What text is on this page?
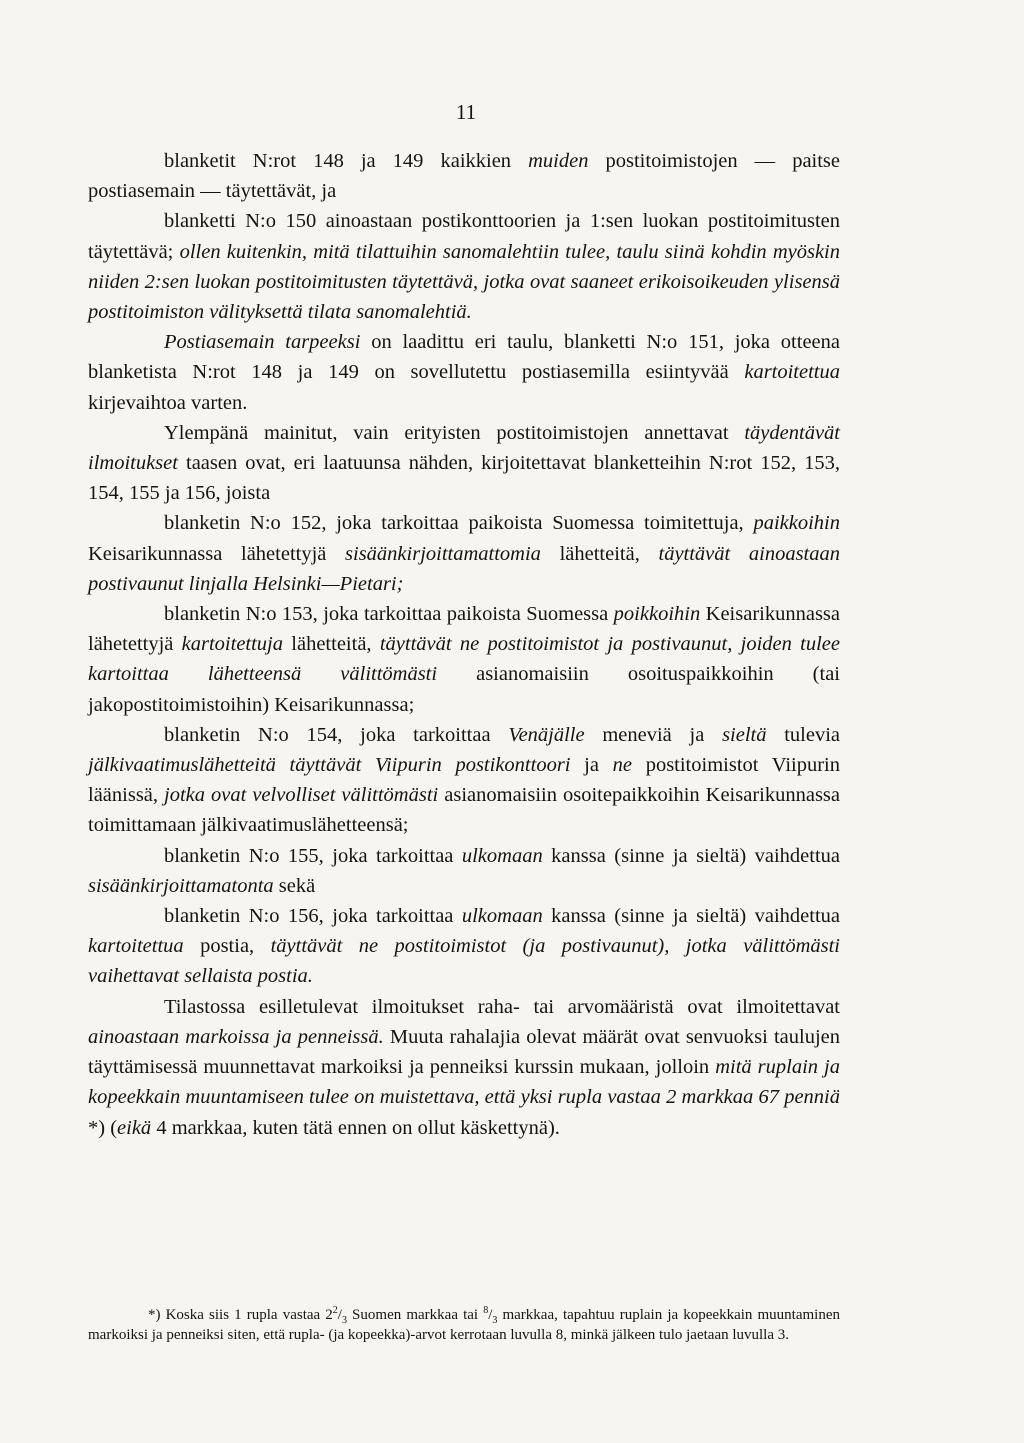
11

blanketit N:rot 148 ja 149 kaikkien muiden postitoimistojen — paitse postiasemain — täytettävät, ja

blanketti N:o 150 ainoastaan postikonttoorien ja 1:sen luokan postitoimitusten täytettävä; ollen kuitenkin, mitä tilattuihin sanomalehtiin tulee, taulu siinä kohdin myöskin niiden 2:sen luokan postitoimitusten täytettävä, jotka ovat saaneet erikoisoikeuden ylisensä postitoimiston välityksettä tilata sanomalehtiä.

Postiasemain tarpeeksi on laadittu eri taulu, blanketti N:o 151, joka otteena blanketista N:rot 148 ja 149 on sovellutettu postiasemilla esiintyvää kartoitettua kirjevaihtoa varten.

Ylempänä mainitut, vain erityisten postitoimistojen annettavat täydentävät ilmoitukset taasen ovat, eri laatuunsa nähden, kirjoitettavat blanketteihin N:rot 152, 153, 154, 155 ja 156, joista

blanketin N:o 152, joka tarkoittaa paikoista Suomessa toimitettuja, paikkoihin Keisarikunnassa lähetettyjä sisäänkirjoittamattomia lähetteitä, täyttävät ainoastaan postivaunut linjalla Helsinki—Pietari;

blanketin N:o 153, joka tarkoittaa paikoista Suomessa poikkoihin Keisarikunnassa lähetettyjä kartoitettuja lähetteitä, täyttävät ne postitoimistot ja postivaunut, joiden tulee kartoittaa lähetteensä välittömästi asianomaisiin osoituspaikkoihin (tai jakopostitoimistoihin) Keisarikunnassa;

blanketin N:o 154, joka tarkoittaa Venäjälle meneviä ja sieltä tulevia jälkivaatimuslähetteitä täyttävät Viipurin postikonttoori ja ne postitoimistot Viipurin läänissä, jotka ovat velvolliset välittömästi asianomaisiin osoitepaikkoihin Keisarikunnassa toimittamaan jälkivaatimuslähetteensä;

blanketin N:o 155, joka tarkoittaa ulkomaan kanssa (sinne ja sieltä) vaihdettua sisäänkirjoittamatonta sekä

blanketin N:o 156, joka tarkoittaa ulkomaan kanssa (sinne ja sieltä) vaihdettua kartoitettua postia, täyttävät ne postitoimistot (ja postivaunut), jotka välittömästi vaihettavat sellaista postia.

Tilastossa esilletulevat ilmoitukset raha- tai arvomääristä ovat ilmoitettavat ainoastaan markoissa ja penneissä. Muuta rahalajia olevat määrät ovat senvuoksi taulujen täyttämisessä muunnettavat markoiksi ja penneiksi kurssin mukaan, jolloin mitä ruplain ja kopeekkain muuntamiseen tulee on muistettava, että yksi rupla vastaa 2 markkaa 67 penniä *) (eikä 4 markkaa, kuten tätä ennen on ollut käskettynä).

*) Koska siis 1 rupla vastaa $2^2/_3$ Suomen markkaa tai $^8/_3$ markkaa, tapahtuu ruplain ja kopeekkain muuntaminen markoiksi ja penneiksi siten, että rupla- (ja kopeekka)-arvot kerrotaan luvulla 8, minkä jälkeen tulo jaetaan luvulla 3.
